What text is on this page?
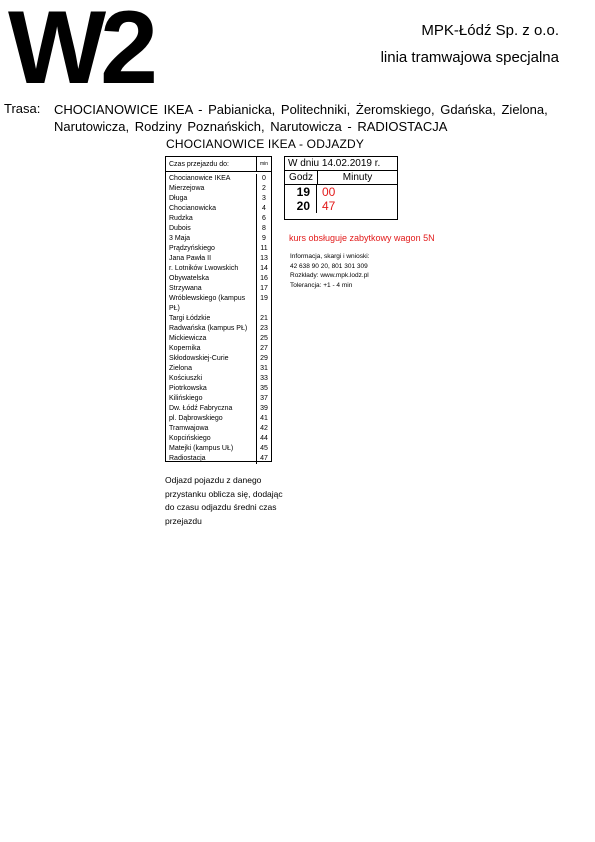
W2	MPK-Łódź Sp. z o.o.
linia tramwajowa specjalna
Trasa: CHOCIANOWICE IKEA - Pabianicka, Politechniki, Żeromskiego, Gdańska, Zielona, Narutowicza, Rodziny Poznańskich, Narutowicza - RADIOSTACJA
CHOCIANOWICE IKEA - ODJAZDY
Czas przejazdu do:	min
Chocianowice IKEA	0
Mierzejowa	2
Długa	3
Chocianowicka	4
Rudzka	6
Dubois	8
3 Maja	9
Prądzyńskiego	11
Jana Pawła II	13
r. Lotników Lwowskich	14
Obywatelska	16
Strzywana	17
Wróblewskiego (kampus PŁ)
19
Targi Łódzkie	21
Radwańska (kampus PŁ)	23
Mickiewicza	25
Kopernika	27
Skłodowskiej-Curie	29
Zielona	31
Kościuszki	33
Piotrkowska	35
Kilińskiego	37
Dw. Łódź Fabryczna	39
pl. Dąbrowskiego	41
Tramwajowa	42
Kopcińskiego	44
Matejki (kampus UŁ)	45
Radiostacja	47
W dniu 14.02.2019 r.
Godz	Minuty
19	00
20	47
kurs obsługuje zabytkowy wagon 5N
Informacja, skargi i wnioski:
42 638 90 20, 801 301 309
Rozkłady: www.mpk.lodz.pl
Tolerancja: +1 - 4 min
Odjazd pojazdu z danego przystanku oblicza się, dodając do czasu odjazdu średni czas przejazdu
